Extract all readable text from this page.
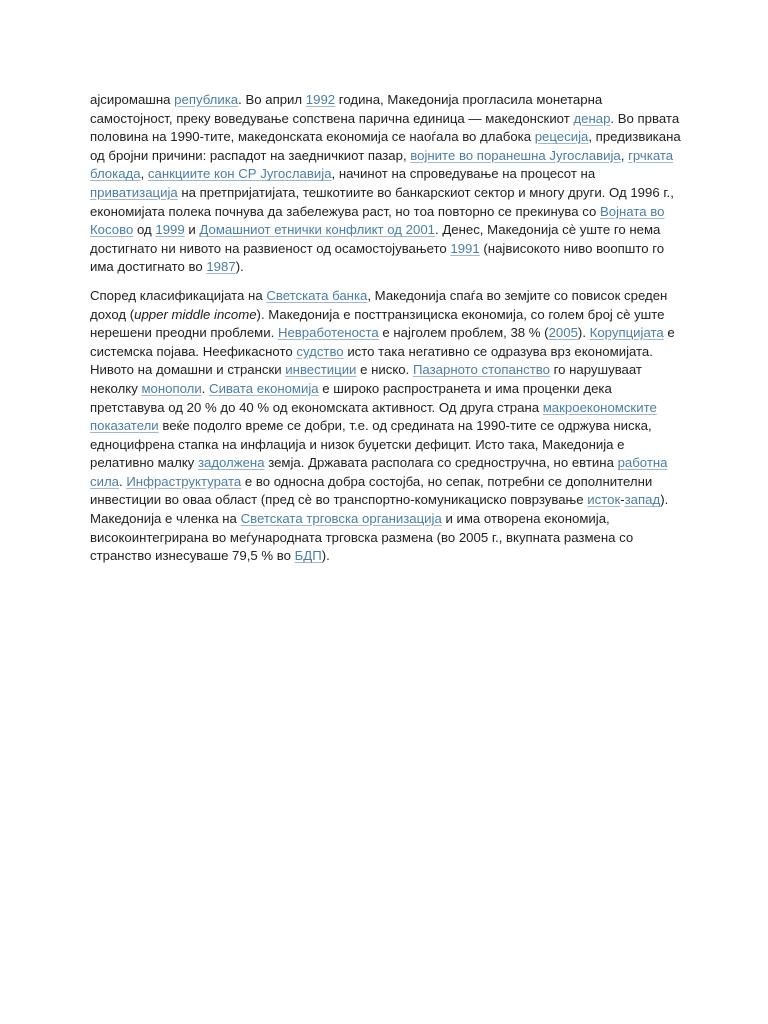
ајсиромашна република. Во април 1992 година, Македонија прогласила монетарна самостојност, преку воведување сопствена парична единица — македонскиот денар. Во првата половина на 1990-тите, македонската економија се наоѓала во длабока рецесија, предизвикана од бројни причини: распадот на заедничкиот пазар, војните во поранешна Југославија, грчката блокада, санкциите кон СР Југославија, начинот на спроведување на процесот на приватизација на претпријатијата, тешкотиите во банкарскиот сектор и многу други. Од 1996 г., економијата полека почнува да забележува раст, но тоа повторно се прекинува со Војната во Косово од 1999 и Домашниот етнички конфликт од 2001. Денес, Македонија сè уште го нема достигнато ни нивото на развиеност од осамостојувањето 1991 (највисокото ниво воопшто го има достигнато во 1987).

Според класификацијата на Светската банка, Македонија спаѓа во земјите со повисок среден доход (upper middle income). Македонија е посттранзициска економија, со голем број сè уште нерешени преодни проблеми. Невработеноста е најголем проблем, 38 % (2005). Корупцијата е системска појава. Неефикасното судство исто така негативно се одразува врз економијата. Нивото на домашни и странски инвестиции е ниско. Пазарното стопанство го нарушуваат неколку монополи. Сивата економија е широко распространета и има проценки дека претставува од 20 % до 40 % од економската активност. Од друга страна макроекономските показатели веќе подолго време се добри, т.е. од средината на 1990-тите се одржува ниска, едноцифрена стапка на инфлација и низок буџетски дефицит. Исто така, Македонија е релативно малку задолжена земја. Државата располага со средностручна, но евтина работна сила. Инфраструктурата е во односна добра состојба, но сепак, потребни се дополнителни инвестиции во оваа област (пред сè во транспортно-комуникациско поврзување исток-запад). Македонија е членка на Светската трговска организација и има отворена економија, високоинтегрирана во меѓународната трговска размена (во 2005 г., вкупната размена со странство изнесуваше 79,5 % во БДП).
